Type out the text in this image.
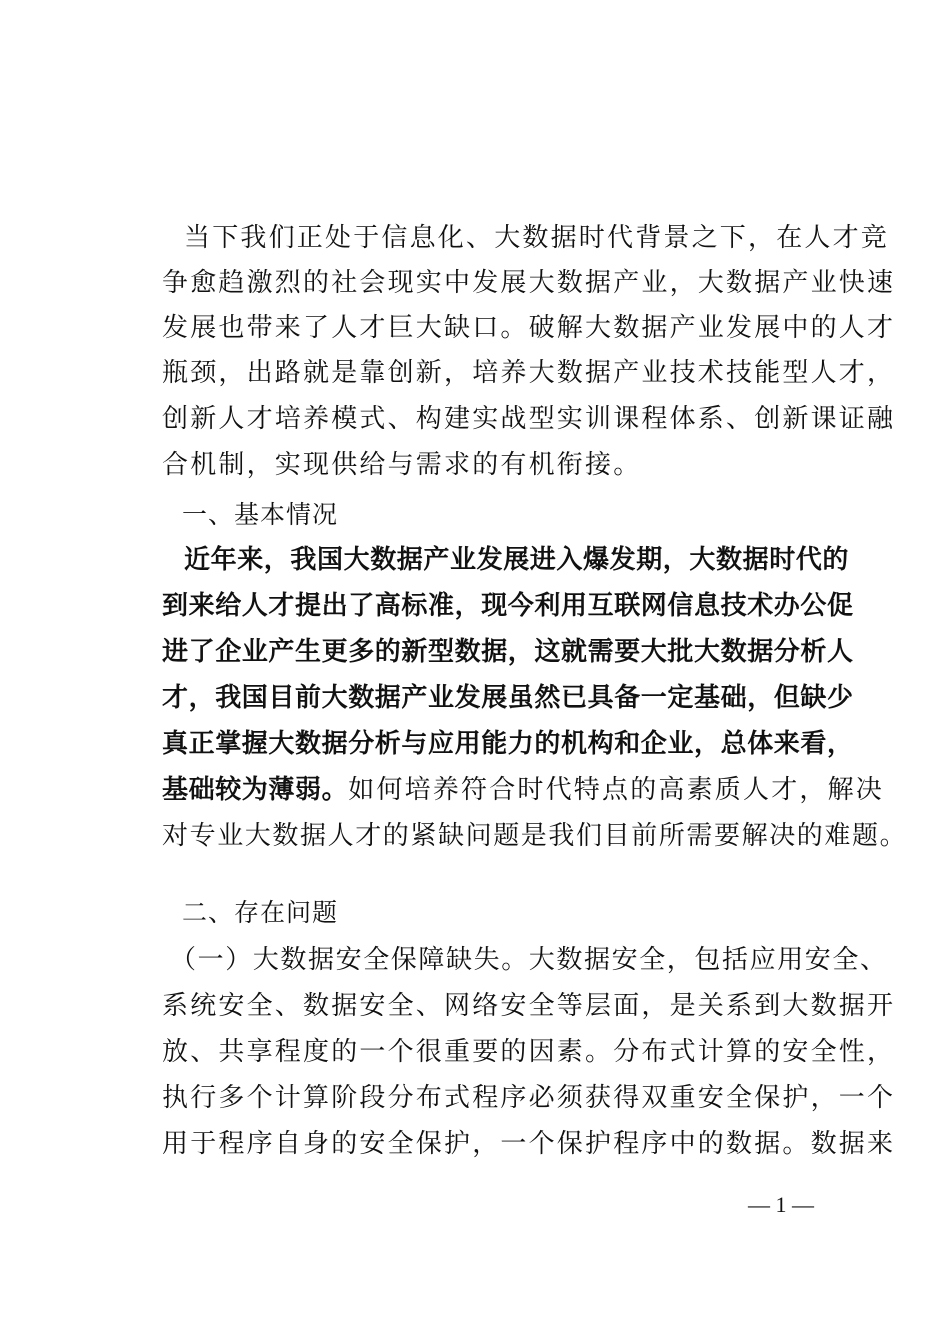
当下我们正处于信息化、大数据时代背景之下，在人才竞
争愈趋激烈的社会现实中发展大数据产业，大数据产业快速
发展也带来了人才巨大缺口。破解大数据产业发展中的人才
瓶颈，出路就是靠创新，培养大数据产业技术技能型人才，
创新人才培养模式、构建实战型实训课程体系、创新课证融
合机制，实现供给与需求的有机衔接。
一、基本情况
近年来，我国大数据产业发展进入爆发期，大数据时代的
到来给人才提出了高标准，现今利用互联网信息技术办公促
进了企业产生更多的新型数据，这就需要大批大数据分析人
才，我国目前大数据产业发展虽然已具备一定基础，但缺少
真正掌握大数据分析与应用能力的机构和企业，总体来看，
基础较为薄弱。如何培养符合时代特点的高素质人才，解决
对专业大数据人才的紧缺问题是我们目前所需要解决的难题。
二、存在问题
（一）大数据安全保障缺失。大数据安全，包括应用安全、
系统安全、数据安全、网络安全等层面，是关系到大数据开
放、共享程度的一个很重要的因素。分布式计算的安全性，
执行多个计算阶段分布式程序必须获得双重安全保护，一个
用于程序自身的安全保护，一个保护程序中的数据。数据来
— 1 —
